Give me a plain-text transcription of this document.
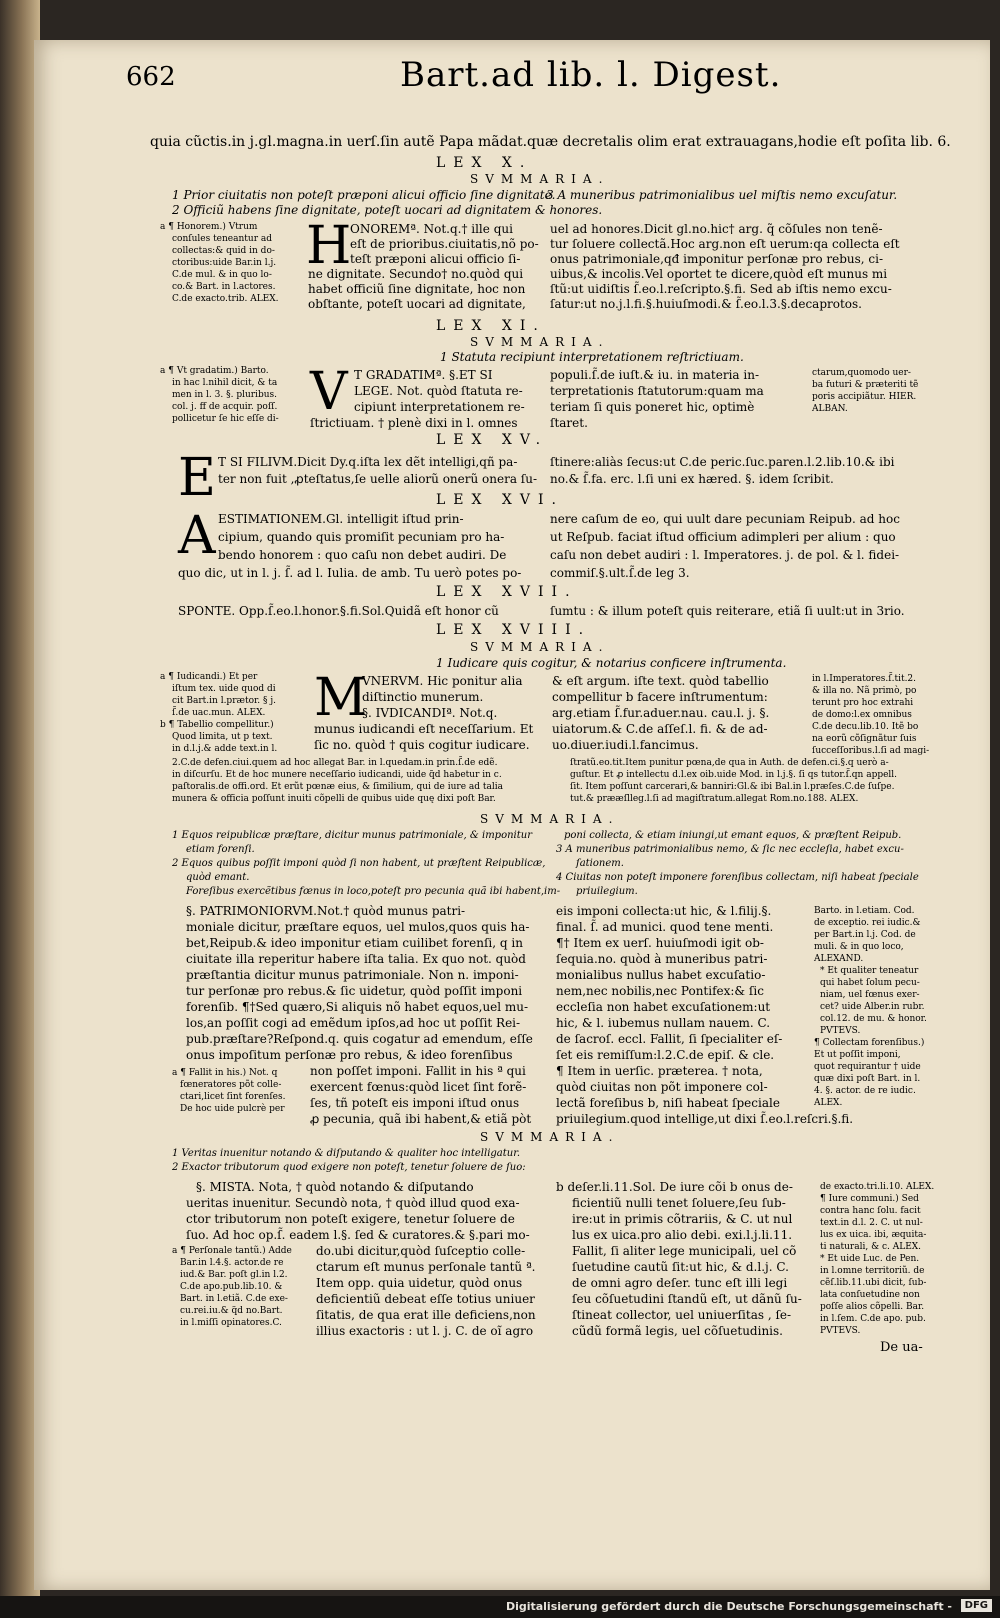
662	Bart.ad lib. l. Digest.
quia cũctis.in j.gl.magna.in uerſ.ſin autẽ Papa mãdat.quæ decretalis olim erat extrauagans,hodie eſt poſita lib. 6.
LEX X.
SVMMARIA.
1 Prior ciuitatis non poteſt præponi alicui officio ſine dignitate.
2 Officiũ habens ſine dignitate, poteſt uocari ad dignitatem & honores.
3 A muneribus patrimonialibus uel miſtis nemo excuſatur.
a ¶ Honorem.) Vtrum
conſules teneantur ad
collectas:& quid in do-
ctoribus:uide Bar.in l.j.
C.de mul. & in quo lo-
co.& Bart. in l.actores.
C.de exacto.trib. ALEX.
H
ONOREMª. Not.q.† ille qui
eſt de prioribus.ciuitatis,nõ po-
teſt præponi alicui officio ſi-
ne dignitate. Secundo† no.quòd qui
habet officiũ ſine dignitate, hoc non
obſtante, poteſt uocari ad dignitate,
uel ad honores.Dicit gl.no.hic† arg. q̃ cõſules non tenẽ-
tur ſoluere collectã.Hoc arg.non eſt uerum:qa collecta eſt
onus patrimoniale,qđ imponitur perſonæ pro rebus, ci-
uibus,& incolis.Vel oportet te dicere,quòd eſt munus mi
ſtũ:ut uidiſtis ſ̃.eo.l.reſcripto.§.fi. Sed ab iſtis nemo excu-
ſatur:ut no.j.l.fi.§.huiuſmodi.& ſ̃.eo.l.3.§.decaprotos.
LEX XI.
SVMMARIA.
1 Statuta recipiunt interpretationem reſtrictiuam.
a ¶ Vt gradatim.) Barto.
in hac l.nihil dicit, & ta
men in l. 3. §. pluribus.
col. j. ff de acquir. poſſ.
pollicetur ſe hic eſſe di- V T GRADATIMª. §.ET SI
LEGE. Not. quòd ſtatuta re-
cipiunt interpretationem re-
ſtrictiuam. † plenè dixi in l. omnes
populi.ſ̃.de iuſt.& iu. in materia in-
terpretationis ſtatutorum:quam ma
teriam ſi quis poneret hic, optimè
ſtaret.
ctarum,quomodo uer-
ba futuri & præteriti tẽ
poris accipiãtur. HIER.
ALBAN.
LEX XV.
E T SI FILIVM.Dicit Dy.q.iſta lex dẽt intelligi,qñ pa-
ter non fuit ,ꝓteſtatus,ſe uelle aliorũ onerũ onera ſu-
ſtinere:aliàs ſecus:ut C.de peric.ſuc.paren.l.2.lib.10.& ibi
no.& ſ̃.fa. erc. l.ſi uni ex hæred. §. idem ſcribit.
LEX XVI.
A ESTIMATIONEM.Gl. intelligit iſtud prin-
cipium, quando quis promiſit pecuniam pro ha-
bendo honorem : quo caſu non debet audiri. De
quo dic, ut in l. j. ſ̃. ad l. Iulia. de amb. Tu uerò potes po-
nere caſum de eo, qui uult dare pecuniam Reipub. ad hoc
ut Reſpub. faciat iſtud officium adimpleri per alium : quo
caſu non debet audiri : l. Imperatores. j. de pol. & l. fidei-
commiſ.§.ult.ſ̃.de leg 3.
LEX XVII.
SPONTE. Opp.ſ̃.eo.l.honor.§.fi.Sol.Quidã eſt honor cũ	ſumtu : & illum poteſt quis reiterare, etiã ſi uult:ut in 3rio.
LEX XVIII.
SVMMARIA.
1 Iudicare quis cogitur, & notarius conficere inſtrumenta.
a ¶ Iudicandi.) Et per
iſtum tex. uide quod di
cit Bart.in l.prætor. § j.
ſ̃.de uac.mun. ALEX.
b ¶ Tabellio compellitur.)
Quod limita, ut p text.
in d.l.j.& adde text.in l.
M
VNERVM. Hic ponitur alia
diſtinctio munerum.
§. IVDICANDIª. Not.q.
munus iudicandi eſt neceſſarium. Et
ſic no. quòd † quis cogitur iudicare.
& eſt argum. iſte text. quòd tabellio
compellitur b facere inſtrumentum:
arg.etiam ſ̃.fur.aduer.nau. cau.l. j. §.
uiatorum.& C.de aſſeſ.l. fi. & de ad-
uo.diuer.iudi.l.fancimus.
in l.Imperatores.ſ̃.tit.2.
& illa no. Nã primò, po
terunt pro hoc extrahi
de domo:l.ex omnibus
C.de decu.lib.10. Itẽ bo
na eorũ cõſignãtur ſuis
ſucceſſoribus.l.ſi ad magi-
2.C.de defen.ciui.quem ad hoc allegat Bar. in l.quedam.in prin.ſ̃.de edẽ.
in diſcurſu. Et de hoc munere neceſſario iudicandi, uide q̃d habetur in c.
paſtoralis.de offi.ord. Et erũt pœnæ eius, & ſimilium, qui de iure ad talia
munera & officia poſſunt inuiti cõpelli de quibus uide quę dixi poſt Bar.
ſtratũ.eo.tit.Item punitur pœna,de qua in Auth. de defen.ci.§.q uerò a-
guſtur. Et ꝓ intellectu d.l.ex oib.uide Mod. in l.j.§. ſi qs tutor.ſ̃.qn appell.
ſit. Item poſſunt carcerari,& banniri:Gl.& ibi Bal.in l.præſes.C.de ſuſpe.
tut.& prææſlleg.l.ſi ad magiſtratum.allegat Rom.no.188. ALEX.
SVMMARIA.
1 Equos reipublicæ præſtare, dicitur munus patrimoniale, & imponitur
etiam forenſi.
2 Equos quibus poſſit imponi quòd ſi non habent, ut præſtent Reipublicæ,
quòd emant.
Foreſibus exercẽtibus fœnus in loco,poteſt pro pecunia quã ibi habent,im-
poni collecta, & etiam iniungi,ut emant equos, & præſtent Reipub.
3 A muneribus patrimonialibus nemo, & ſic nec eccleſia, habet excu-
ſationem.
4 Ciuitas non poteſt imponere forenſibus collectam, niſi habeat ſpeciale
priuilegium.
§. PATRIMONIORVM.Not.† quòd munus patri-
moniale dicitur, præſtare equos, uel mulos,quos quis ha-
bet,Reipub.& ideo imponitur etiam cuilibet forenſi, q in
ciuitate illa reperitur habere iſta talia. Ex quo not. quòd
præſtantia dicitur munus patrimoniale. Non n. imponi-
tur perſonæ pro rebus.& ſic uidetur, quòd poſſit imponi
forenſib. ¶†Sed quæro,Si aliquis nõ habet equos,uel mu-
los,an poſſit cogi ad emẽdum ipſos,ad hoc ut poſſit Rei-
pub.præſtare?Reſpond.q. quis cogatur ad emendum, eſſe
onus impoſitum perſonæ pro rebus, & ideo forenſibus
non poſſet imponi. Fallit in his ª qui
exercent fœnus:quòd licet ſint forẽ-
ſes, tñ poteſt eis imponi iſtud onus
ꝓ pecunia, quã ibi habent,& etiã pòt
a ¶ Fallit in his.) Not. q
fœneratores põt colle-
ctari,licet ſint forenſes.
De hoc uide pulcrè per
eis imponi collecta:ut hic, & l.filij.§.
final. ſ̃. ad munici. quod tene menti.
¶† Item ex uerſ. huiuſmodi igit ob-
ſequia.no. quòd à muneribus patri-
monialibus nullus habet excuſatio-
nem,nec nobilis,nec Pontifex:& ſic
eccleſia non habet excuſationem:ut
hic, & l. iubemus nullam nauem. C.
de ſacroſ. eccl. Fallit, ſi ſpecialiter eſ-
ſet eis remiſſum:l.2.C.de epiſ. & cle.
¶ Item in uerſic. præterea. † nota,
quòd ciuitas non põt imponere col-
lectã foreſibus b, niſi habeat ſpeciale
priuilegium.quod intellige,ut dixi ſ̃.eo.l.reſcri.§.fi.
Barto. in l.etiam. Cod.
de exceptio. rei iudic.&
per Bart.in l.j. Cod. de
muli. & in quo loco,
ALEXAND.
* Et qualiter teneatur
qui habet ſolum pecu-
niam, uel fœnus exer-
cet? uide Alber.in rubr.
col.12. de mu. & honor.
PVTEVS.
¶ Collectam forenſibus.)
Et ut poſſit imponi,
quot requirantur † uide
quæ dixi poſt Bart. in l.
4. §. actor. de re iudic.
ALEX.
SVMMARIA.
1 Veritas inuenitur notando & diſputando & qualiter hoc intelligatur.
2 Exactor tributorum quod exigere non poteſt, tenetur ſoluere de ſuo:
§. MISTA. Nota, † quòd notando & diſputando
ueritas inuenitur. Secundò nota, † quòd illud quod exa-
ctor tributorum non poteſt exigere, tenetur ſoluere de
ſuo. Ad hoc op.ſ̃. eadem l.§. ſed & curatores.& §.pari mo-
do.ubi dicitur,quòd ſuſceptio colle-
ctarum eſt munus perſonale tantũ ª.
Item opp. quia uidetur, quòd onus
deficientiũ debeat eſſe totius uniuer
ſitatis, de qua erat ille deficiens,non
illius exactoris : ut l. j. C. de oĩ agro
a ¶ Perſonale tantũ.) Adde
Bar.in l.4.§. actor.de re
iud.& Bar. poſt gl.in l.2.
C.de apo.pub.lib.10. &
Bart. in l.etiã. C.de exe-
cu.rei.iu.& q̃d no.Bart.
in l.miſſi opinatores.C.
b deſer.li.11.Sol. De iure cõi b onus de-
ficientiũ nulli tenet ſoluere,ſeu ſub-
ire:ut in primis cõtrariis, & C. ut nul
lus ex uica.pro alio debi. exi.l.j.li.11.
Fallit, ſi aliter lege municipali, uel cõ
ſuetudine cautũ ſit:ut hic, & d.l.j. C.
de omni agro deſer. tunc eſt illi legi
ſeu cõſuetudini ſtandũ eſt, ut dãnũ ſu-
ſtineat collector, uel uniuerſitas , ſe-
cũdũ formã legis, uel cõſuetudinis.
de exacto.tri.li.10. ALEX.
¶ Iure communi.) Sed
contra hanc ſolu. facit
text.in d.l. 2. C. ut nul-
lus ex uica. ibi, æquita-
ti naturali, & c. ALEX.
* Et uide Luc. de Pen.
in l.omne territoriũ. de
cẽſ.lib.11.ubi dicit, ſub-
lata conſuetudine non
poſſe alios cõpelli. Bar.
in l.ſem. C.de apo. pub.
PVTEVS.
De ua-
Digitalisierung gefördert durch die Deutsche Forschungsgemeinschaft -	DFG
